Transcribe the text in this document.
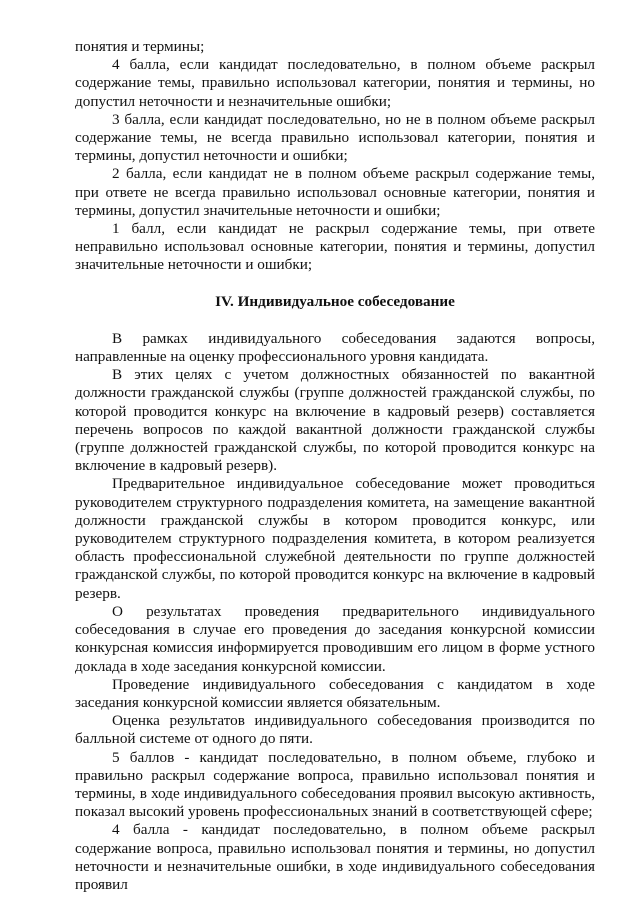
понятия и термины;

4 балла, если кандидат последовательно, в полном объеме раскрыл содержание темы, правильно использовал категории, понятия и термины, но допустил неточности и незначительные ошибки;

3 балла, если кандидат последовательно, но не в полном объеме раскрыл содержание темы, не всегда правильно использовал категории, понятия и термины, допустил неточности и ошибки;

2 балла, если кандидат не в полном объеме раскрыл содержание темы, при ответе не всегда правильно использовал основные категории, понятия и термины, допустил значительные неточности и ошибки;

1 балл, если кандидат не раскрыл содержание темы, при ответе неправильно использовал основные категории, понятия и термины, допустил значительные неточности и ошибки;

IV. Индивидуальное собеседование

В рамках индивидуального собеседования задаются вопросы, направленные на оценку профессионального уровня кандидата.

В этих целях с учетом должностных обязанностей по вакантной должности гражданской службы (группе должностей гражданской службы, по которой проводится конкурс на включение в кадровый резерв) составляется перечень вопросов по каждой вакантной должности гражданской службы (группе должностей гражданской службы, по которой проводится конкурс на включение в кадровый резерв).

Предварительное индивидуальное собеседование может проводиться руководителем структурного подразделения комитета, на замещение вакантной должности гражданской службы в котором проводится конкурс, или руководителем структурного подразделения комитета, в котором реализуется область профессиональной служебной деятельности по группе должностей гражданской службы, по которой проводится конкурс на включение в кадровый резерв.

О результатах проведения предварительного индивидуального собеседования в случае его проведения до заседания конкурсной комиссии конкурсная комиссия информируется проводившим его лицом в форме устного доклада в ходе заседания конкурсной комиссии.

Проведение индивидуального собеседования с кандидатом в ходе заседания конкурсной комиссии является обязательным.

Оценка результатов индивидуального собеседования производится по балльной системе от одного до пяти.

5 баллов - кандидат последовательно, в полном объеме, глубоко и правильно раскрыл содержание вопроса, правильно использовал понятия и термины, в ходе индивидуального собеседования проявил высокую активность, показал высокий уровень профессиональных знаний в соответствующей сфере;

4 балла - кандидат последовательно, в полном объеме раскрыл содержание вопроса, правильно использовал понятия и термины, но допустил неточности и незначительные ошибки, в ходе индивидуального собеседования проявил
